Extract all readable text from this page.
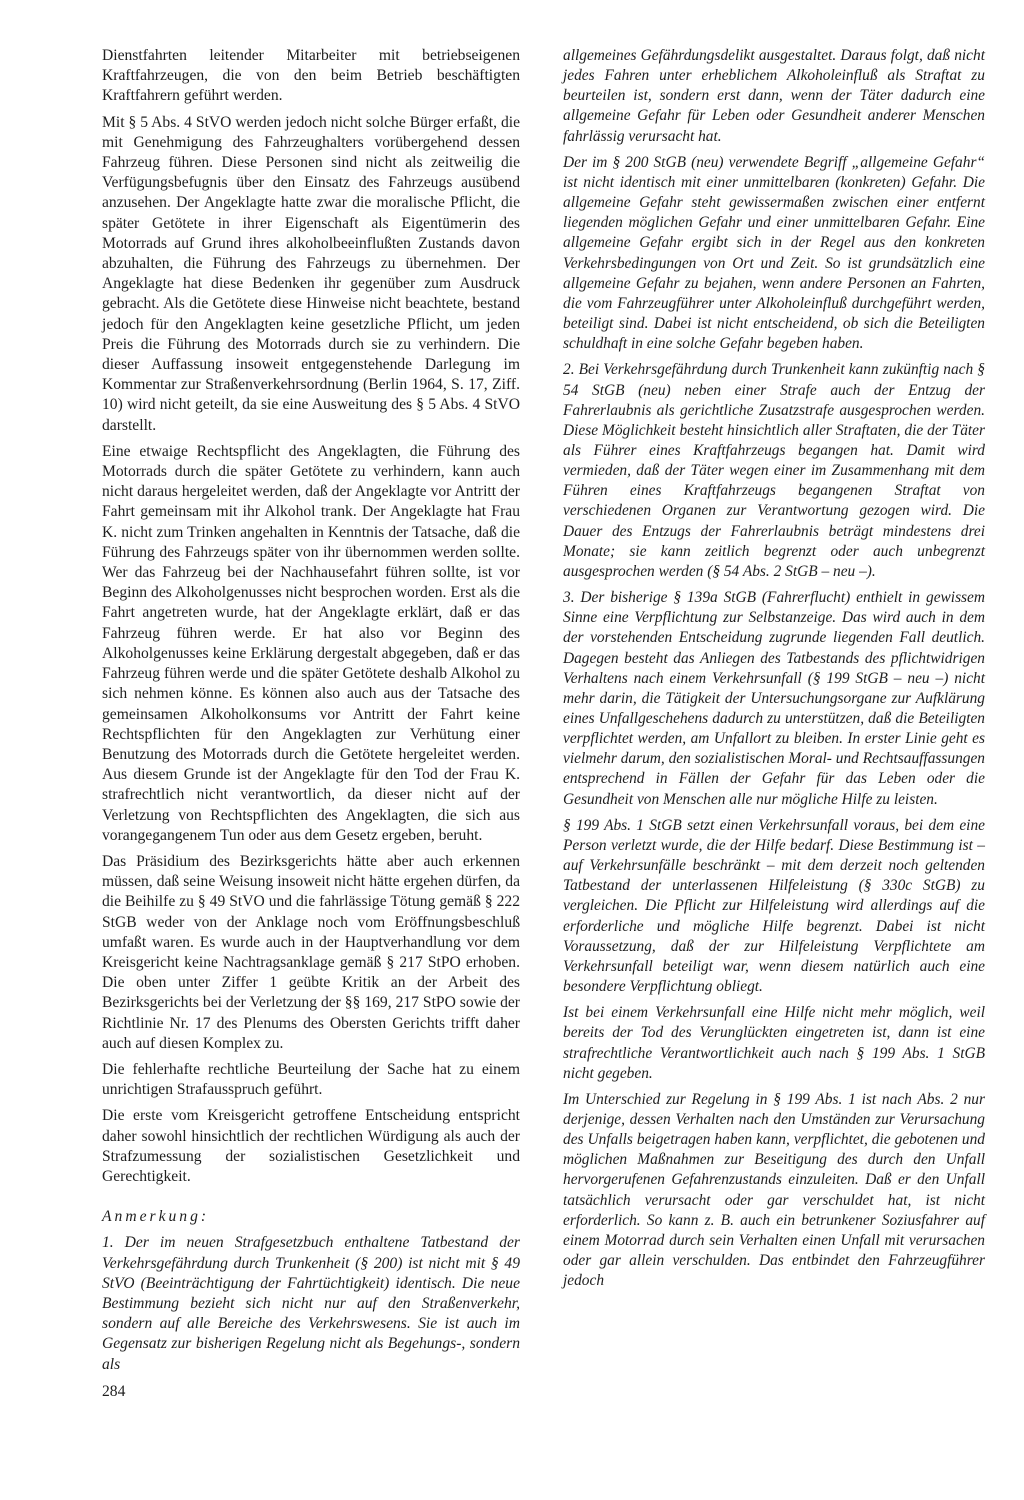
Dienstfahrten leitender Mitarbeiter mit betriebseigenen Kraftfahrzeugen, die von den beim Betrieb beschäftigten Kraftfahrern geführt werden.

Mit § 5 Abs. 4 StVO werden jedoch nicht solche Bürger erfaßt, die mit Genehmigung des Fahrzeughalters vorübergehend dessen Fahrzeug führen. Diese Personen sind nicht als zeitweilig die Verfügungsbefugnis über den Einsatz des Fahrzeugs ausübend anzusehen. Der Angeklagte hatte zwar die moralische Pflicht, die später Getötete in ihrer Eigenschaft als Eigentümerin des Motorrads auf Grund ihres alkoholbeeinflußten Zustands davon abzuhalten, die Führung des Fahrzeugs zu übernehmen. Der Angeklagte hat diese Bedenken ihr gegenüber zum Ausdruck gebracht. Als die Getötete diese Hinweise nicht beachtete, bestand jedoch für den Angeklagten keine gesetzliche Pflicht, um jeden Preis die Führung des Motorrads durch sie zu verhindern. Die dieser Auffassung insoweit entgegenstehende Darlegung im Kommentar zur Straßenverkehrsordnung (Berlin 1964, S. 17, Ziff. 10) wird nicht geteilt, da sie eine Ausweitung des § 5 Abs. 4 StVO darstellt.

Eine etwaige Rechtspflicht des Angeklagten, die Führung des Motorrads durch die später Getötete zu verhindern, kann auch nicht daraus hergeleitet werden, daß der Angeklagte vor Antritt der Fahrt gemeinsam mit ihr Alkohol trank. Der Angeklagte hat Frau K. nicht zum Trinken angehalten in Kenntnis der Tatsache, daß die Führung des Fahrzeugs später von ihr übernommen werden sollte. Wer das Fahrzeug bei der Nachhausefahrt führen sollte, ist vor Beginn des Alkoholgenusses nicht besprochen worden. Erst als die Fahrt angetreten wurde, hat der Angeklagte erklärt, daß er das Fahrzeug führen werde. Er hat also vor Beginn des Alkoholgenusses keine Erklärung dergestalt abgegeben, daß er das Fahrzeug führen werde und die später Getötete deshalb Alkohol zu sich nehmen könne. Es können also auch aus der Tatsache des gemeinsamen Alkoholkonsums vor Antritt der Fahrt keine Rechtspflichten für den Angeklagten zur Verhütung einer Benutzung des Motorrads durch die Getötete hergeleitet werden. Aus diesem Grunde ist der Angeklagte für den Tod der Frau K. strafrechtlich nicht verantwortlich, da dieser nicht auf der Verletzung von Rechtspflichten des Angeklagten, die sich aus vorangegangenem Tun oder aus dem Gesetz ergeben, beruht.

Das Präsidium des Bezirksgerichts hätte aber auch erkennen müssen, daß seine Weisung insoweit nicht hätte ergehen dürfen, da die Beihilfe zu § 49 StVO und die fahrlässige Tötung gemäß § 222 StGB weder von der Anklage noch vom Eröffnungsbeschluß umfaßt waren. Es wurde auch in der Hauptverhandlung vor dem Kreisgericht keine Nachtragsanklage gemäß § 217 StPO erhoben. Die oben unter Ziffer 1 geübte Kritik an der Arbeit des Bezirksgerichts bei der Verletzung der §§ 169, 217 StPO sowie der Richtlinie Nr. 17 des Plenums des Obersten Gerichts trifft daher auch auf diesen Komplex zu.

Die fehlerhafte rechtliche Beurteilung der Sache hat zu einem unrichtigen Strafausspruch geführt.

Die erste vom Kreisgericht getroffene Entscheidung entspricht daher sowohl hinsichtlich der rechtlichen Würdigung als auch der Strafzumessung der sozialistischen Gesetzlichkeit und Gerechtigkeit.

Anmerkung:

1. Der im neuen Strafgesetzbuch enthaltene Tatbestand der Verkehrsgefährdung durch Trunkenheit (§ 200) ist nicht mit § 49 StVO (Beeinträchtigung der Fahrtüchtigkeit) identisch. Die neue Bestimmung bezieht sich nicht nur auf den Straßenverkehr, sondern auf alle Bereiche des Verkehrswesens. Sie ist auch im Gegensatz zur bisherigen Regelung nicht als Begehungs-, sondern als

allgemeines Gefährdungsdelikt ausgestaltet. Daraus folgt, daß nicht jedes Fahren unter erheblichem Alkoholeinfluß als Straftat zu beurteilen ist, sondern erst dann, wenn der Täter dadurch eine allgemeine Gefahr für Leben oder Gesundheit anderer Menschen fahrlässig verursacht hat.

Der im § 200 StGB (neu) verwendete Begriff „allgemeine Gefahr“ ist nicht identisch mit einer unmittelbaren (konkreten) Gefahr. Die allgemeine Gefahr steht gewissermaßen zwischen einer entfernt liegenden möglichen Gefahr und einer unmittelbaren Gefahr. Eine allgemeine Gefahr ergibt sich in der Regel aus den konkreten Verkehrsbedingungen von Ort und Zeit. So ist grundsätzlich eine allgemeine Gefahr zu bejahen, wenn andere Personen an Fahrten, die vom Fahrzeugführer unter Alkoholeinfluß durchgeführt werden, beteiligt sind. Dabei ist nicht entscheidend, ob sich die Beteiligten schuldhaft in eine solche Gefahr begeben haben.

2. Bei Verkehrsgefährdung durch Trunkenheit kann zukünftig nach § 54 StGB (neu) neben einer Strafe auch der Entzug der Fahrerlaubnis als gerichtliche Zusatzstrafe ausgesprochen werden. Diese Möglichkeit besteht hinsichtlich aller Straftaten, die der Täter als Führer eines Kraftfahrzeugs begangen hat. Damit wird vermieden, daß der Täter wegen einer im Zusammenhang mit dem Führen eines Kraftfahrzeugs begangenen Straftat von verschiedenen Organen zur Verantwortung gezogen wird. Die Dauer des Entzugs der Fahrerlaubnis beträgt mindestens drei Monate; sie kann zeitlich begrenzt oder auch unbegrenzt ausgesprochen werden (§ 54 Abs. 2 StGB – neu –).

3. Der bisherige § 139a StGB (Fahrerflucht) enthielt in gewissem Sinne eine Verpflichtung zur Selbstanzeige. Das wird auch in dem der vorstehenden Entscheidung zugrunde liegenden Fall deutlich. Dagegen besteht das Anliegen des Tatbestands des pflichtwidrigen Verhaltens nach einem Verkehrsunfall (§ 199 StGB – neu –) nicht mehr darin, die Tätigkeit der Untersuchungsorgane zur Aufklärung eines Unfallgeschehens dadurch zu unterstützen, daß die Beteiligten verpflichtet werden, am Unfallort zu bleiben. In erster Linie geht es vielmehr darum, den sozialistischen Moral- und Rechtsauffassungen entsprechend in Fällen der Gefahr für das Leben oder die Gesundheit von Menschen alle nur mögliche Hilfe zu leisten.

§ 199 Abs. 1 StGB setzt einen Verkehrsunfall voraus, bei dem eine Person verletzt wurde, die der Hilfe bedarf. Diese Bestimmung ist – auf Verkehrsunfälle beschränkt – mit dem derzeit noch geltenden Tatbestand der unterlassenen Hilfeleistung (§ 330c StGB) zu vergleichen. Die Pflicht zur Hilfeleistung wird allerdings auf die erforderliche und mögliche Hilfe begrenzt. Dabei ist nicht Voraussetzung, daß der zur Hilfeleistung Verpflichtete am Verkehrsunfall beteiligt war, wenn diesem natürlich auch eine besondere Verpflichtung obliegt.

Ist bei einem Verkehrsunfall eine Hilfe nicht mehr möglich, weil bereits der Tod des Verunglückten eingetreten ist, dann ist eine strafrechtliche Verantwortlichkeit auch nach § 199 Abs. 1 StGB nicht gegeben.

Im Unterschied zur Regelung in § 199 Abs. 1 ist nach Abs. 2 nur derjenige, dessen Verhalten nach den Umständen zur Verursachung des Unfalls beigetragen haben kann, verpflichtet, die gebotenen und möglichen Maßnahmen zur Beseitigung des durch den Unfall hervorgerufenen Gefahrenzustands einzuleiten. Daß er den Unfall tatsächlich verursacht oder gar verschuldet hat, ist nicht erforderlich. So kann z. B. auch ein betrunkener Soziusfahrer auf einem Motorrad durch sein Verhalten einen Unfall mit verursachen oder gar allein verschulden. Das entbindet den Fahrzeugführer jedoch

284
